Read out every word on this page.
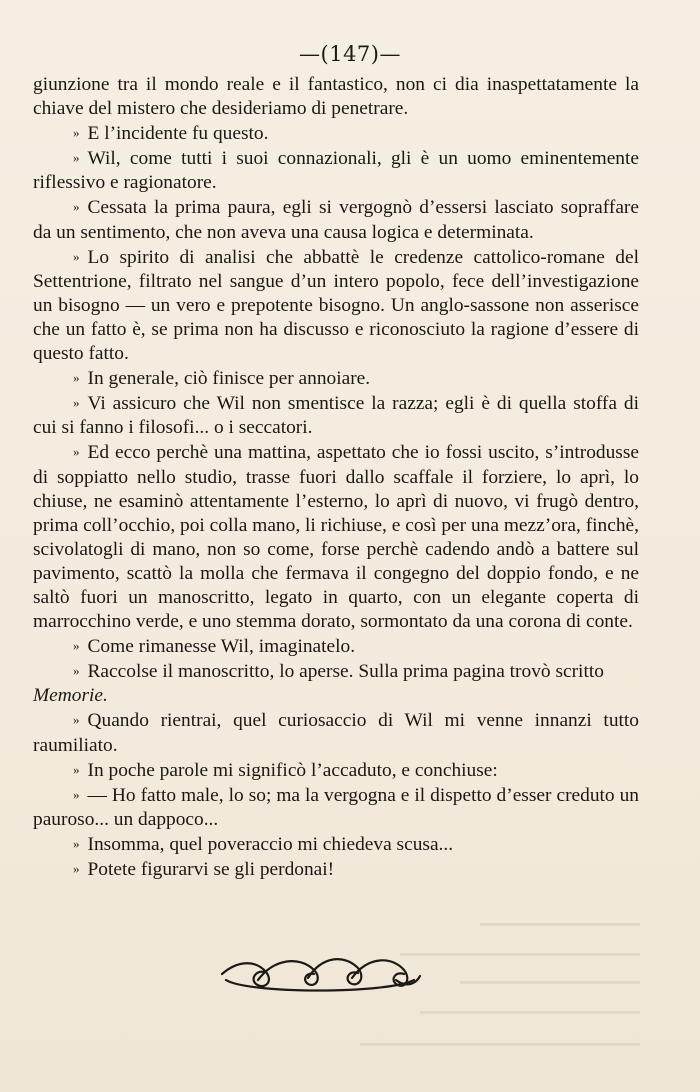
—(147)—

giunzione tra il mondo reale e il fantastico, non ci dia inaspettatamente la chiave del mistero che desideriamo di penetrare.

» E l’incidente fu questo.

» Wil, come tutti i suoi connazionali, gli è un uomo eminentemente riflessivo e ragionatore.

» Cessata la prima paura, egli si vergognò d’essersi lasciato sopraffare da un sentimento, che non aveva una causa logica e determinata.

» Lo spirito di analisi che abbattè le credenze cattolico-romane del Settentrione, filtrato nel sangue d’un intero popolo, fece dell’investigazione un bisogno — un vero e prepotente bisogno. Un anglo-sassone non asserisce che un fatto è, se prima non ha discusso e riconosciuto la ragione d’essere di questo fatto.

» In generale, ciò finisce per annoiare.

» Vi assicuro che Wil non smentisce la razza; egli è di quella stoffa di cui si fanno i filosofi... o i seccatori.

» Ed ecco perchè una mattina, aspettato che io fossi uscito, s’introdusse di soppiatto nello studio, trasse fuori dallo scaffale il forziere, lo aprì, lo chiuse, ne esaminò attentamente l’esterno, lo aprì di nuovo, vi frugò dentro, prima coll’occhio, poi colla mano, li richiuse, e così per una mezz’ora, finchè, scivolatogli di mano, non so come, forse perchè cadendo andò a battere sul pavimento, scattò la molla che fermava il congegno del doppio fondo, e ne saltò fuori un manoscritto, legato in quarto, con un elegante coperta di marrocchino verde, e uno stemma dorato, sormontato da una corona di conte.

» Come rimanesse Wil, imaginatelo.

» Raccolse il manoscritto, lo aperse. Sulla prima pagina trovò scritto
Memorie.

» Quando rientrai, quel curiosaccio di Wil mi venne innanzi tutto raumiliato.

» In poche parole mi significò l’accaduto, e conchiuse:

» — Ho fatto male, lo so; ma la vergogna e il dispetto d’esser creduto un pauroso... un dappoco...

» Insomma, quel poveraccio mi chiedeva scusa...

» Potete figurarvi se gli perdonai!
